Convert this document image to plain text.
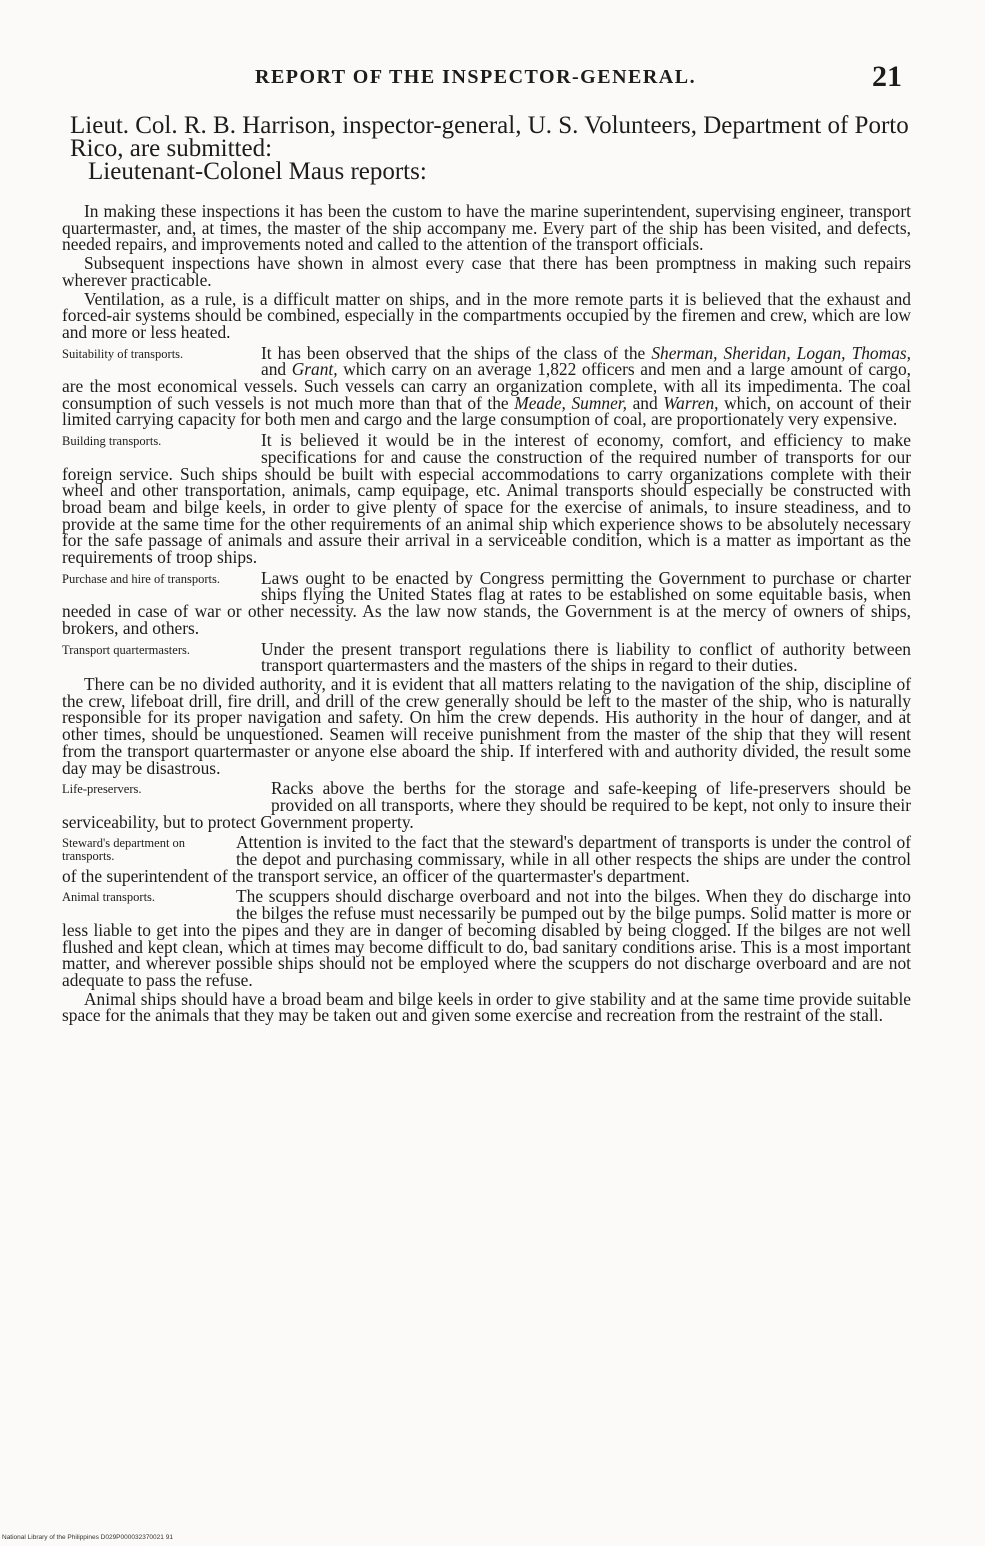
REPORT OF THE INSPECTOR-GENERAL.	21
Lieut. Col. R. B. Harrison, inspector-general, U. S. Volunteers, Department of Porto Rico, are submitted:
Lieutenant-Colonel Maus reports:

In making these inspections it has been the custom to have the marine superintendent, supervising engineer, transport quartermaster, and, at times, the master of the ship accompany me. Every part of the ship has been visited, and defects, needed repairs, and improvements noted and called to the attention of the transport officials.

Subsequent inspections have shown in almost every case that there has been promptness in making such repairs wherever practicable.

Ventilation, as a rule, is a difficult matter on ships, and in the more remote parts it is believed that the exhaust and forced-air systems should be combined, especially in the compartments occupied by the firemen and crew, which are low and more or less heated.

Suitability of transports.	It has been observed that the ships of the class of the Sherman, Sheridan, Logan, Thomas, and Grant, which carry on an average 1,822 officers and men and a large amount of cargo, are the most economical vessels. Such vessels can carry an organization complete, with all its impedimenta. The coal consumption of such vessels is not much more than that of the Meade, Sumner, and Warren, which, on account of their limited carrying capacity for both men and cargo and the large consumption of coal, are proportionately very expensive.

Building transports.	It is believed it would be in the interest of economy, comfort, and efficiency to make specifications for and cause the construction of the required number of transports for our foreign service. Such ships should be built with especial accommodations to carry organizations complete with their wheel and other transportation, animals, camp equipage, etc. Animal transports should especially be constructed with broad beam and bilge keels, in order to give plenty of space for the exercise of animals, to insure steadiness, and to provide at the same time for the other requirements of an animal ship which experience shows to be absolutely necessary for the safe passage of animals and assure their arrival in a serviceable condition, which is a matter as important as the requirements of troop ships.

Purchase and hire of transports.	Laws ought to be enacted by Congress permitting the Government to purchase or charter ships flying the United States flag at rates to be established on some equitable basis, when needed in case of war or other necessity. As the law now stands, the Government is at the mercy of owners of ships, brokers, and others.

Transport quartermasters.	Under the present transport regulations there is liability to conflict of authority between transport quartermasters and the masters of the ships in regard to their duties.

There can be no divided authority, and it is evident that all matters relating to the navigation of the ship, discipline of the crew, lifeboat drill, fire drill, and drill of the crew generally should be left to the master of the ship, who is naturally responsible for its proper navigation and safety. On him the crew depends. His authority in the hour of danger, and at other times, should be unquestioned. Seamen will receive punishment from the master of the ship that they will resent from the transport quartermaster or anyone else aboard the ship. If interfered with and authority divided, the result some day may be disastrous.

Life-preservers.	Racks above the berths for the storage and safe-keeping of life-preservers should be provided on all transports, where they should be required to be kept, not only to insure their serviceability, but to protect Government property.

Steward's department on transports.

Attention is invited to the fact that the steward's department of transports is under the control of the depot and purchasing commissary, while in all other respects the ships are under the control of the superintendent of the transport service, an officer of the quartermaster's department.

Animal transports.	The scuppers should discharge overboard and not into the bilges. When they do discharge into the bilges the refuse must necessarily be pumped out by the bilge pumps. Solid matter is more or less liable to get into the pipes and they are in danger of becoming disabled by being clogged. If the bilges are not well flushed and kept clean, which at times may become difficult to do, bad sanitary conditions arise. This is a most important matter, and wherever possible ships should not be employed where the scuppers do not discharge overboard and are not adequate to pass the refuse.

Animal ships should have a broad beam and bilge keels in order to give stability and at the same time provide suitable space for the animals that they may be taken out and given some exercise and recreation from the restraint of the stall.

National Library of the Philippines D029P000032370021 91
